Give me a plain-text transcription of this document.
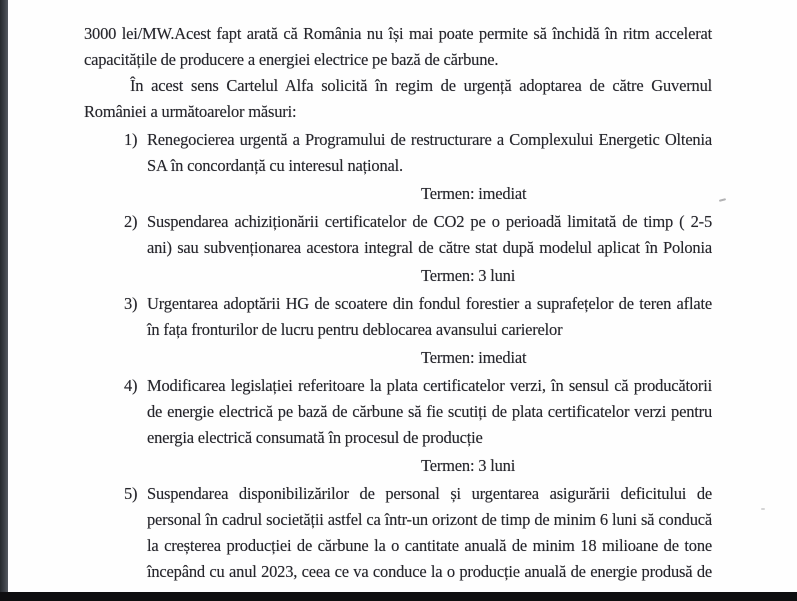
3000 lei/MW.Acest fapt arată că România nu își mai poate permite să închidă în ritm accelerat
capacitățile de producere a energiei electrice pe bază de cărbune.
În acest sens Cartelul Alfa solicită în regim de urgență adoptarea de către Guvernul
României a următoarelor măsuri:
1) Renegocierea urgentă a Programului de restructurare a Complexului Energetic Oltenia
SA în concordanță cu interesul național.
Termen: imediat
2) Suspendarea achiziționării certificatelor de CO2 pe o perioadă limitată de timp ( 2-5
ani) sau subvenționarea acestora integral de către stat după modelul aplicat în Polonia
Termen: 3 luni
3) Urgentarea adoptării HG de scoatere din fondul forestier a suprafețelor de teren aflate
în fața fronturilor de lucru pentru deblocarea avansului carierelor
Termen: imediat
4) Modificarea legislației referitoare la plata certificatelor verzi, în sensul că producătorii
de energie electrică pe bază de cărbune să fie scutiți de plata certificatelor verzi pentru
energia electrică consumată în procesul de producție
Termen: 3 luni
5) Suspendarea disponibilizărilor de personal și urgentarea asigurării deficitului de
personal în cadrul societății astfel ca într-un orizont de timp de minim 6 luni să conducă
la creșterea producției de cărbune la o cantitate anuală de minim 18 milioane de tone
începând cu anul 2023, ceea ce va conduce la o producție anuală de energie produsă de
